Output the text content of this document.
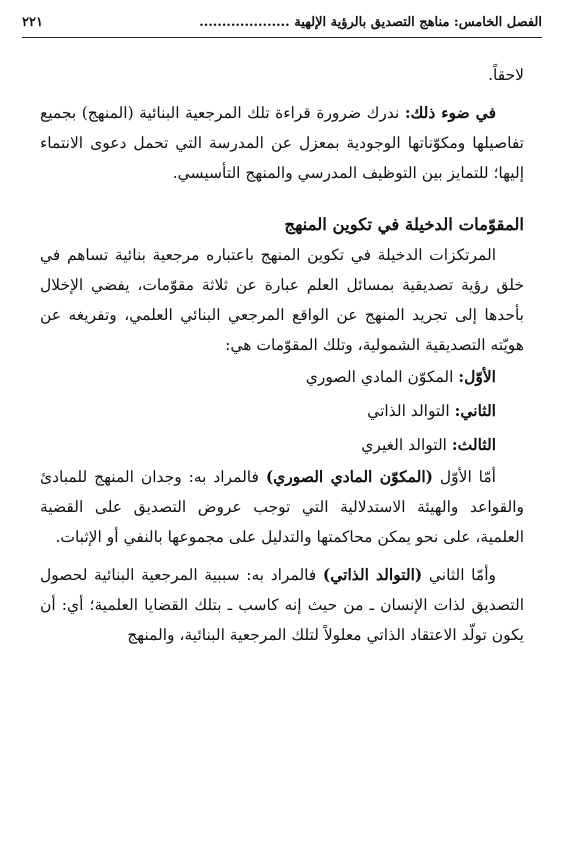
الفصل الخامس: مناهج التصديق بالرؤية الإلهية ....................
٢٢١

لاحقاً.

في ضوء ذلك: ندرك ضرورة قراءة تلك المرجعية البنائية (المنهج) بجميع تفاصيلها ومكوّناتها الوجودية بمعزل عن المدرسة التي تحمل دعوى الانتماء إليها؛ للتمايز بين التوظيف المدرسي والمنهج التأسيسي.

المقوّمات الدخيلة في تكوين المنهج

المرتكزات الدخيلة في تكوين المنهج باعتباره مرجعية بنائية تساهم في خلق رؤية تصديقية بمسائل العلم عبارة عن ثلاثة مقوّمات، يفضي الإخلال بأحدها إلى تجريد المنهج عن الواقع المرجعي البنائي العلمي، وتفريغه عن هويّته التصديقية الشمولية، وتلك المقوّمات هي:

الأوّل: المكوّن المادي الصوري

الثاني: التوالد الذاتي

الثالث: التوالد الغيري

أمّا الأوّل (المكوّن المادي الصوري) فالمراد به: وجدان المنهج للمبادئ والقواعد والهيئة الاستدلالية التي توجب عروض التصديق على القضية العلمية، على نحو يمكن محاكمتها والتدليل على مجموعها بالنفي أو الإثبات.

وأمّا الثاني (التوالد الذاتي) فالمراد به: سببية المرجعية البنائية لحصول التصديق لذات الإنسان ـ من حيث إنه كاسب ـ بتلك القضايا العلمية؛ أي: أن يكون تولّد الاعتقاد الذاتي معلولاً لتلك المرجعية البنائية، والمنهج
